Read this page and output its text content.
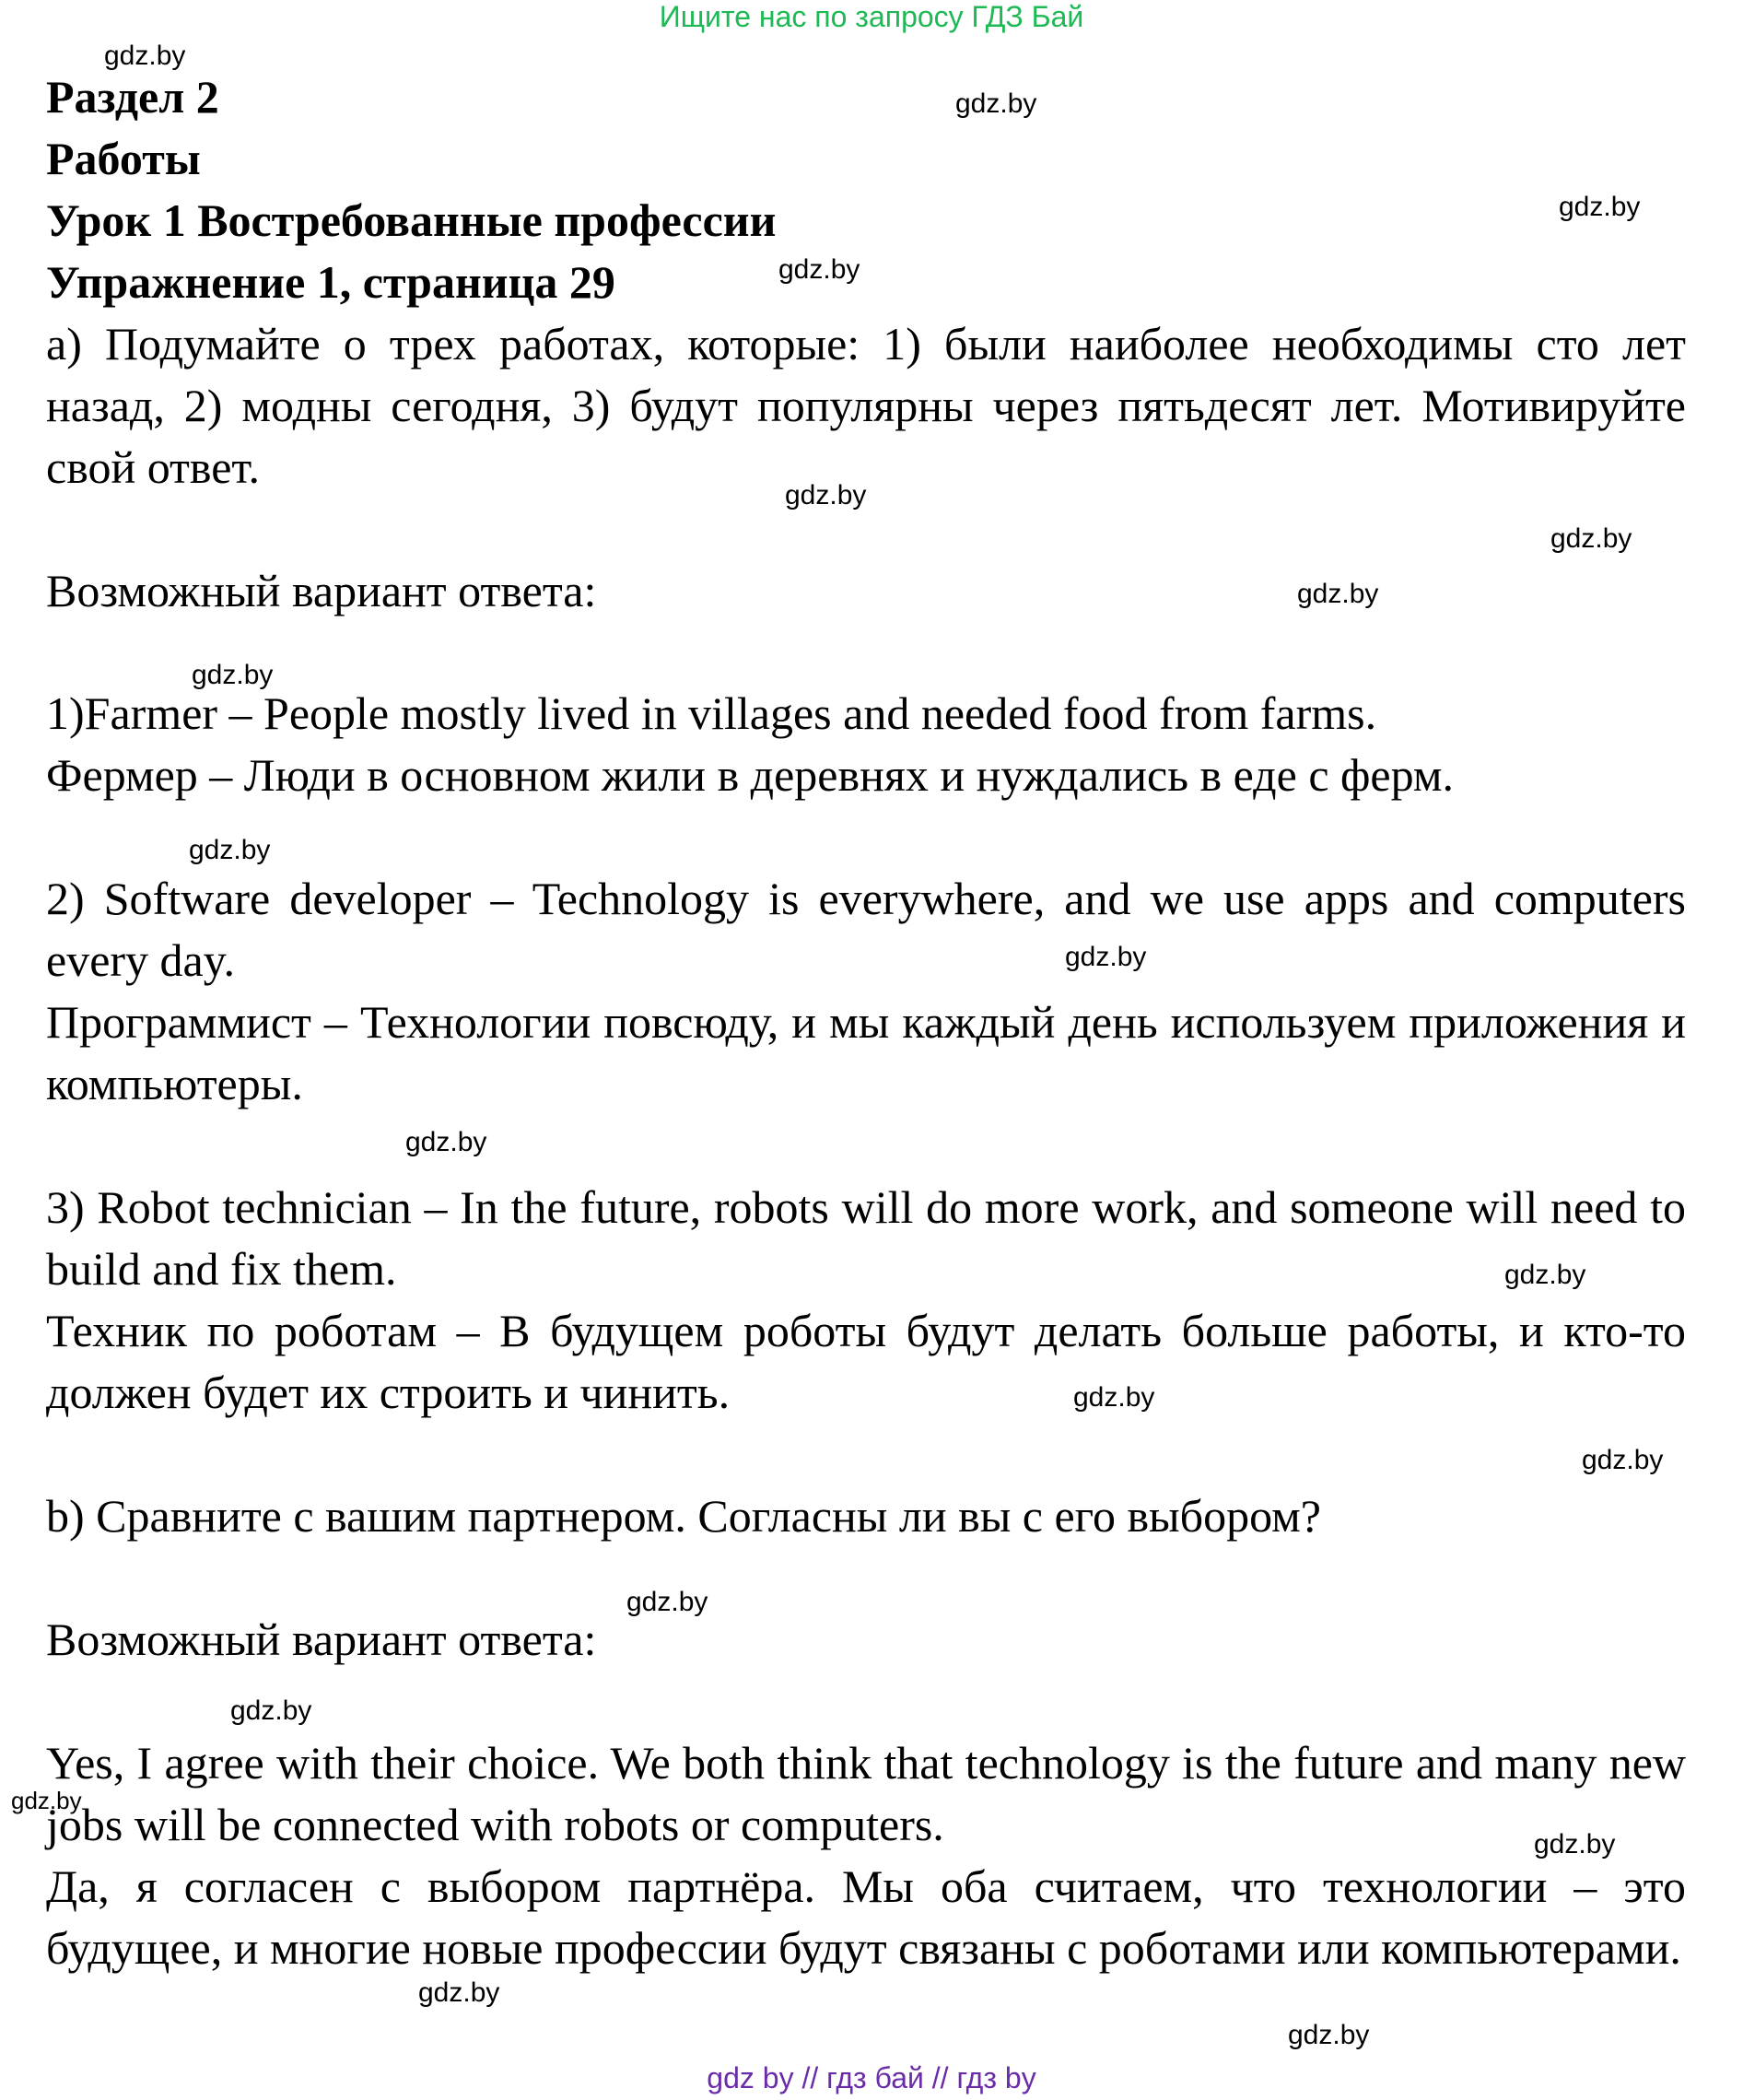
Ищите нас по запросу ГДЗ Бай

Раздел 2

Работы

Урок 1 Востребованные профессии

Упражнение 1, страница 29

а) Подумайте о трех работах, которые: 1) были наиболее необходимы сто лет назад, 2) модны сегодня, 3) будут популярны через пятьдесят лет. Мотивируйте свой ответ.

Возможный вариант ответа:

1)Farmer – People mostly lived in villages and needed food from farms.

Фермер – Люди в основном жили в деревнях и нуждались в еде с ферм.

2) Software developer – Technology is everywhere, and we use apps and computers every day.

Программист – Технологии повсюду, и мы каждый день используем приложения и компьютеры.

3) Robot technician – In the future, robots will do more work, and someone will need to build and fix them.

Техник по роботам – В будущем роботы будут делать больше работы, и кто-то должен будет их строить и чинить.

b) Сравните с вашим партнером. Согласны ли вы с его выбором?

Возможный вариант ответа:

Yes, I agree with their choice. We both think that technology is the future and many new jobs will be connected with robots or computers.

Да, я согласен с выбором партнёра. Мы оба считаем, что технологии – это будущее, и многие новые профессии будут связаны с роботами или компьютерами.

gdz.by
gdz.by
gdz.by
gdz.by
gdz.by
gdz.by
gdz.by
gdz.by
gdz.by
gdz.by
gdz.by
gdz.by
gdz.by
gdz.by
gdz.by
gdz.by
gdz.by
gdz.by
gdz.by
gdz.by
gdz by // гдз бай // гдз by
